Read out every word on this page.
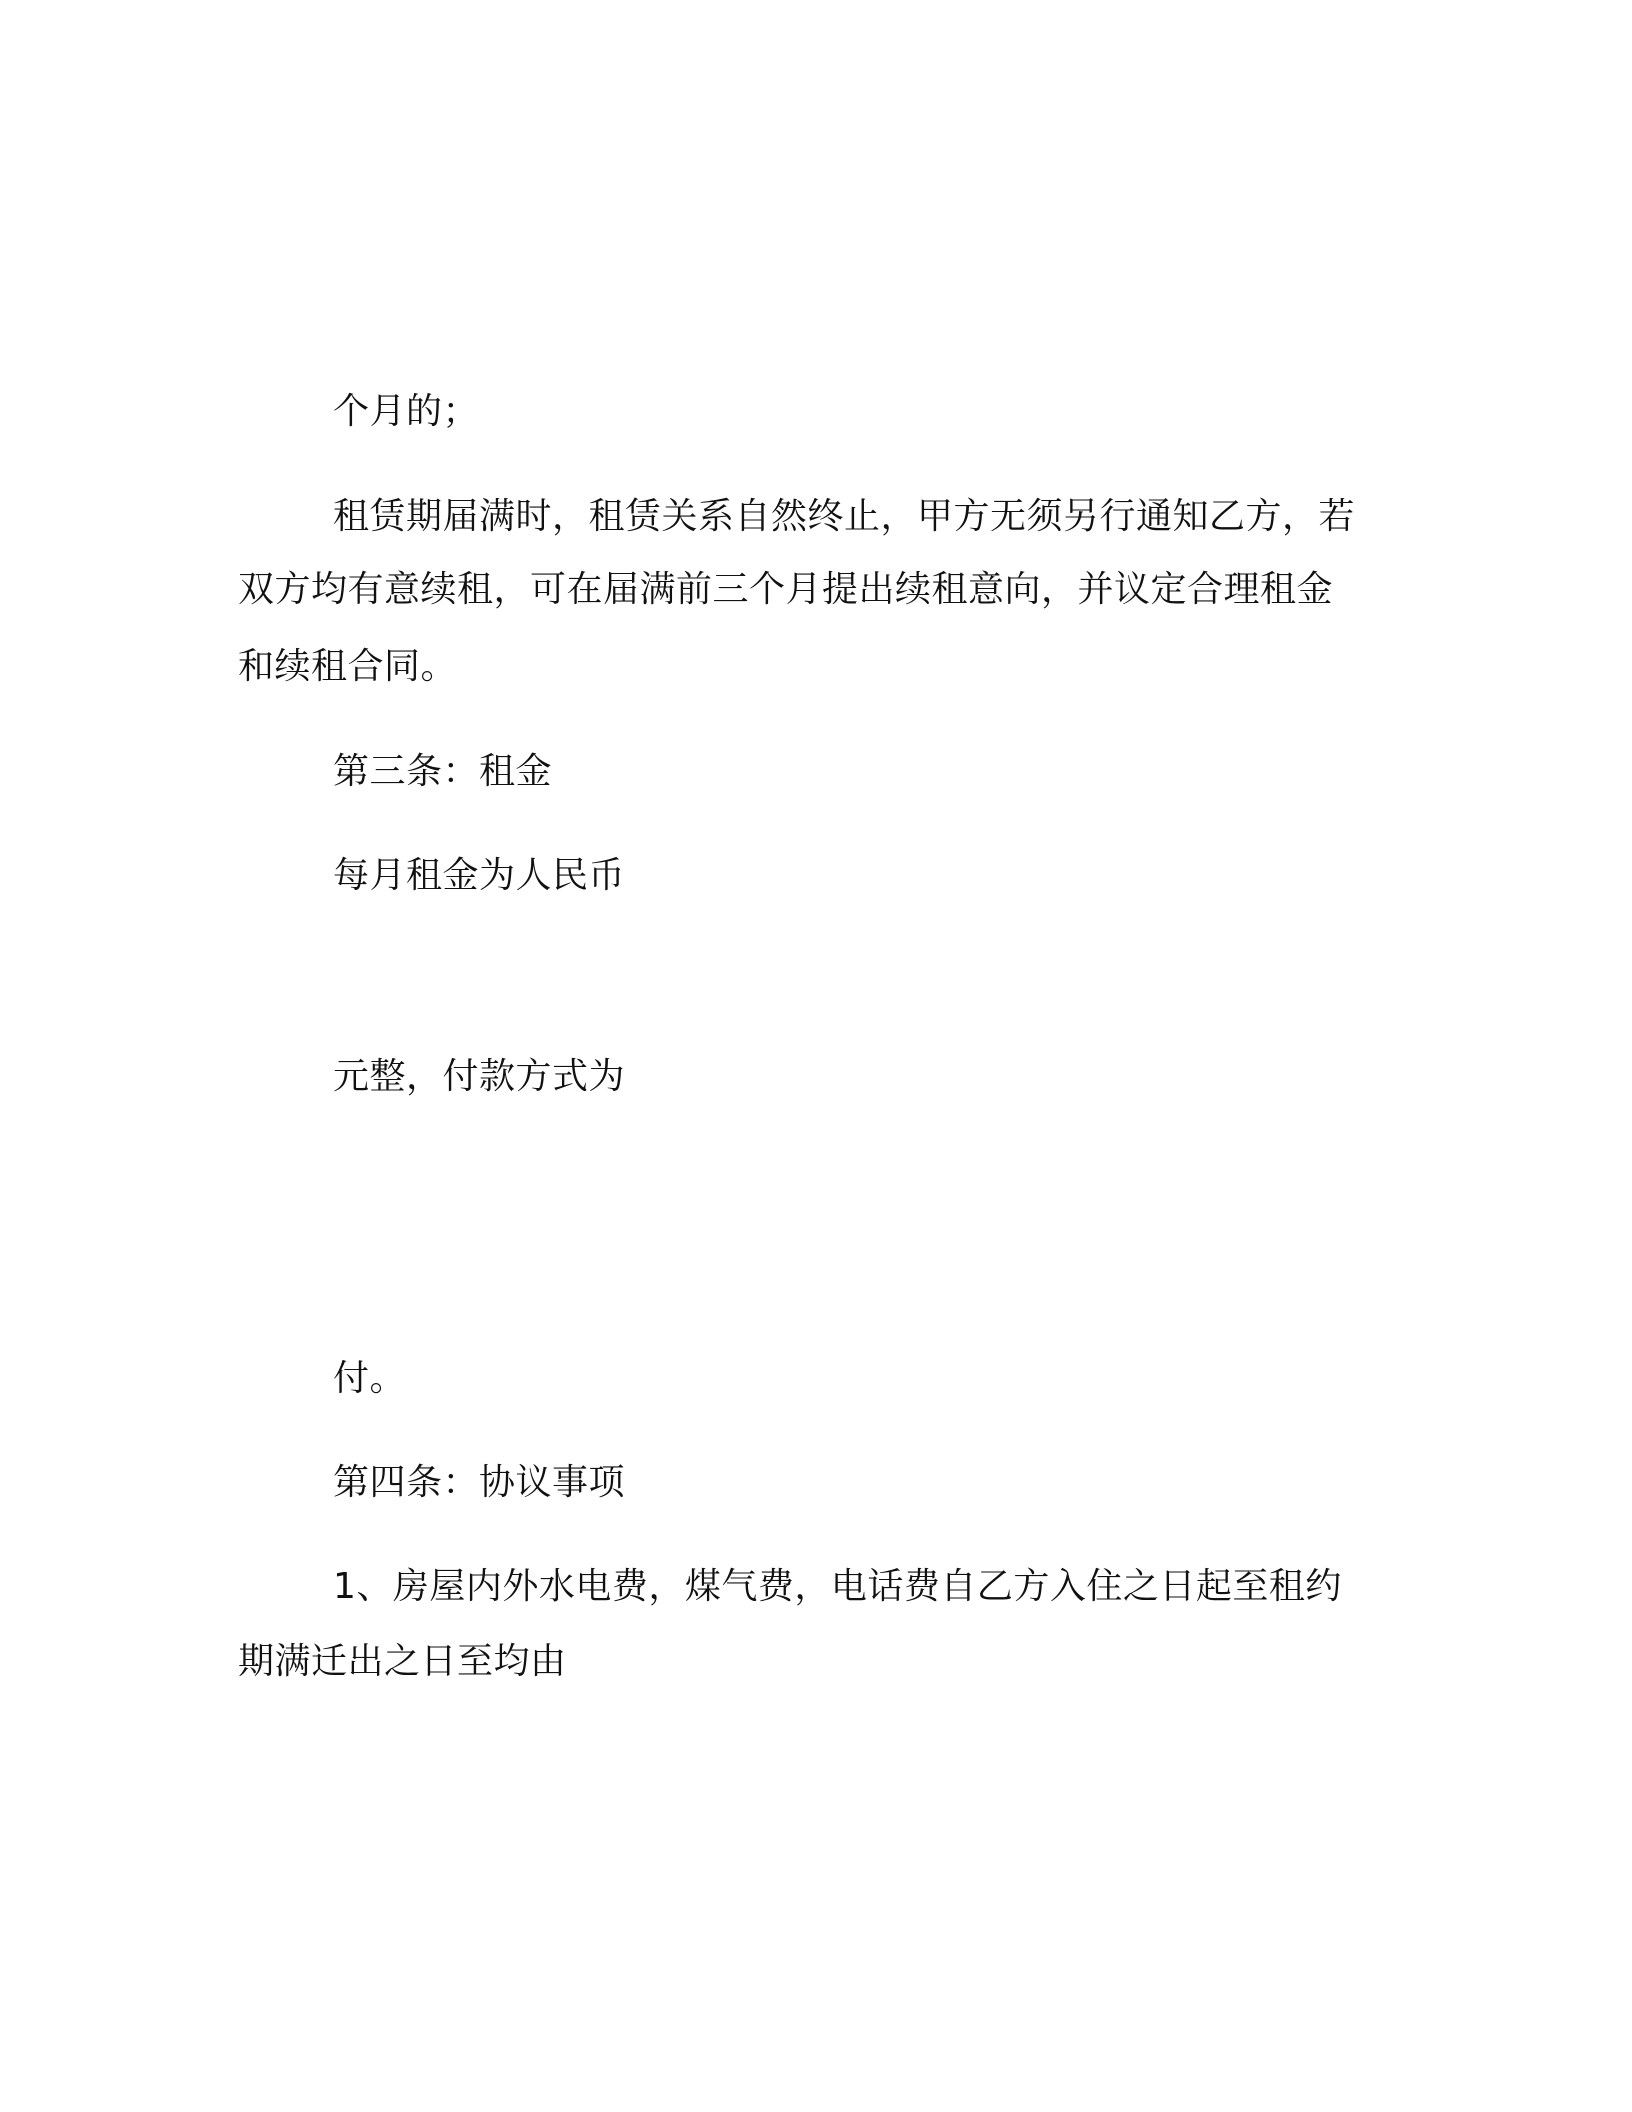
个月的；
租赁期届满时，租赁关系自然终止，甲方无须另行通知乙方，若
双方均有意续租，可在届满前三个月提出续租意向，并议定合理租金
和续租合同。
第三条：租金
每月租金为人民币
元整，付款方式为
付。
第四条：协议事项
1、房屋内外水电费，煤气费，电话费自乙方入住之日起至租约
期满迁出之日至均由
